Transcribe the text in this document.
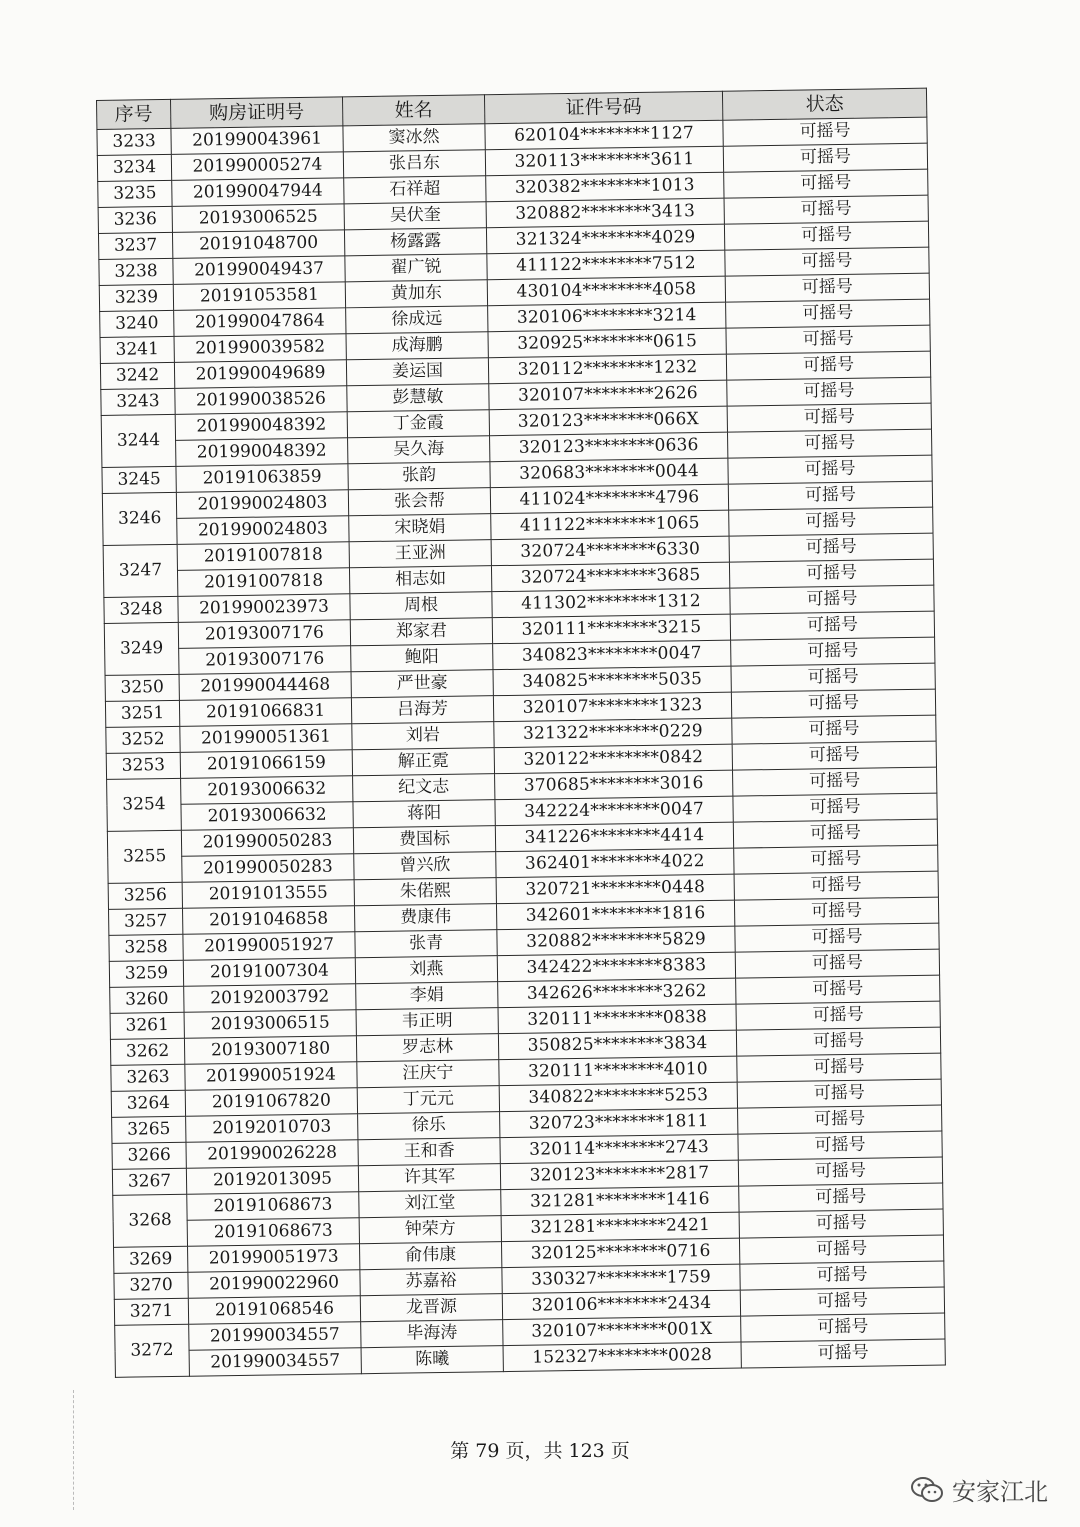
序号	购房证明号	姓名	证件号码	状态
3233	201990043961	窦冰然	620104********1127	可摇号
3234	201990005274	张吕东	320113********3611	可摇号
3235	201990047944	石祥超	320382********1013	可摇号
3236	20193006525	吴伏奎	320882********3413	可摇号
3237	20191048700	杨露露	321324********4029	可摇号
3238	201990049437	翟广锐	411122********7512	可摇号
3239	20191053581	黄加东	430104********4058	可摇号
3240	201990047864	徐成远	320106********3214	可摇号
3241	201990039582	成海鹏	320925********0615	可摇号
3242	201990049689	姜运国	320112********1232	可摇号
3243	201990038526	彭慧敏	320107********2626	可摇号
3244	201990048392	丁金霞	320123********066X	可摇号
	201990048392	吴久海	320123********0636	可摇号
3245	20191063859	张韵	320683********0044	可摇号
3246	201990024803	张会帮	411024********4796	可摇号
	201990024803	宋晓娟	411122********1065	可摇号
3247	20191007818	王亚洲	320724********6330	可摇号
	20191007818	相志如	320724********3685	可摇号
3248	201990023973	周根	411302********1312	可摇号
3249	20193007176	郑家君	320111********3215	可摇号
	20193007176	鲍阳	340823********0047	可摇号
3250	201990044468	严世豪	340825********5035	可摇号
3251	20191066831	吕海芳	320107********1323	可摇号
3252	201990051361	刘岩	321322********0229	可摇号
3253	20191066159	解正霓	320122********0842	可摇号
3254	20193006632	纪文志	370685********3016	可摇号
	20193006632	蒋阳	342224********0047	可摇号
3255	201990050283	费国标	341226********4414	可摇号
	201990050283	曾兴欣	362401********4022	可摇号
3256	20191013555	朱偌熙	320721********0448	可摇号
3257	20191046858	费康伟	342601********1816	可摇号
3258	201990051927	张青	320882********5829	可摇号
3259	20191007304	刘燕	342422********8383	可摇号
3260	20192003792	李娟	342626********3262	可摇号
3261	20193006515	韦正明	320111********0838	可摇号
3262	20193007180	罗志林	350825********3834	可摇号
3263	201990051924	汪庆宁	320111********4010	可摇号
3264	20191067820	丁元元	340822********5253	可摇号
3265	20192010703	徐乐	320723********1811	可摇号
3266	201990026228	王和香	320114********2743	可摇号
3267	20192013095	许其军	320123********2817	可摇号
3268	20191068673	刘江堂	321281********1416	可摇号
	20191068673	钟荣方	321281********2421	可摇号
3269	201990051973	俞伟康	320125********0716	可摇号
3270	201990022960	苏嘉裕	330327********1759	可摇号
3271	20191068546	龙晋源	320106********2434	可摇号
3272	201990034557	毕海涛	320107********001X	可摇号
	201990034557	陈曦	152327********0028	可摇号
第 79 页，共 123 页
安家江北
